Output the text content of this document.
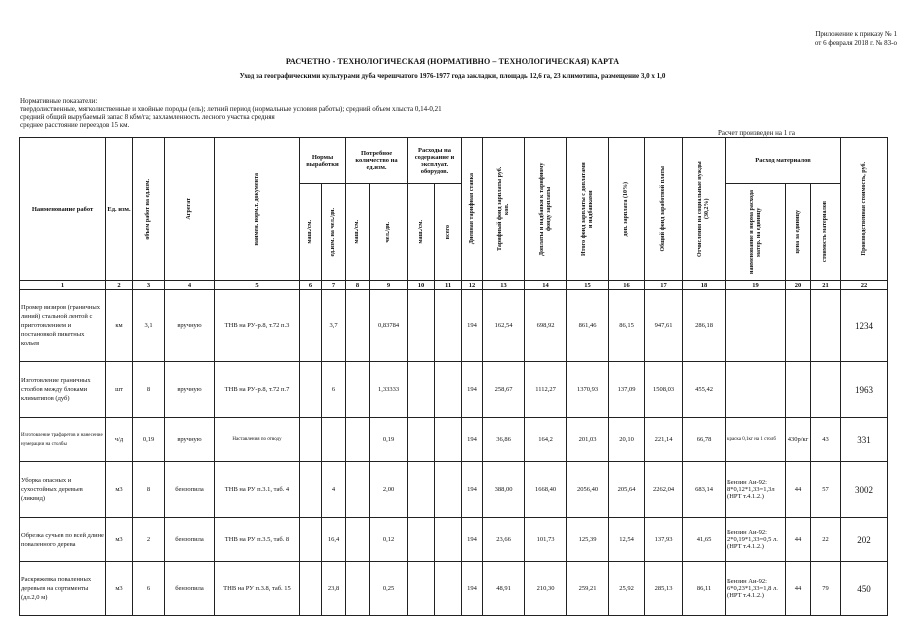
Приложение к приказу № 1
от 6 февраля 2018 г. № 83-о
РАСЧЕТНО - ТЕХНОЛОГИЧЕСКАЯ (НОРМАТИВНО – ТЕХНОЛОГИЧЕСКАЯ) КАРТА
Уход за географическими культурами дуба черешчатого 1976-1977 года закладки, площадь 12,6 га, 23 климотипа, размещение 3,0 х 1,0
Нормативные показатели:
твердолиственные, мягколиственные и хвойные породы (ель); летний период (нормальные условия работы); средний объем хлыста 0,14-0,21
средний общий вырубаемый запас 8 кбм/га; захламленность лесного участка средняя
среднее расстояние переездов 15 км.
Расчет произведен на 1 га
Наименование работ	Ед. изм.	объем работ на ед.изм.	Агрегат	наимен. норм.т. документа	Нормы выработки		Потребное количество на ед.изм.		Расходы на содержание и эксплуат. оборудов.		Дневная тарифная ставка	Тарифный фонд зарплаты руб. коп.	Доплаты и надбавки к тарифному фонду зарплаты	Итого фонд зарплаты с доплатами и надбавками	доп. зарплата (10%)	Общий фонд заработной платы	Отчисления на социальные нужды (30,2%)	Расход материалов			Производственная стоимость, руб.

					маш./см.	ед.изм. на чел./дн.	маш./см.	чел./дн.	маш./см.	всего								наименование и норма расхода матер. на единицу	цена за единицу	стоимость материалов	

1	2	3	4	5	6	7	8	9	10	11	12	13	14	15	16	17	18	19	20	21	22
Промер визиров (граничных линий) стальной лентой с приготовлением и постановкой пикетных кольев	км	3,1	вручную	ТНВ на РУ-р.8, т.72 п.3		3,7		0,83784			194	162,54	698,92	861,46	86,15	947,61	286,18				1234
Изготовление граничных столбов между блоками климатипов (дуб)	шт	8	вручную	ТНВ на РУ-р.8, т.72 п.7		6		1,33333			194	258,67	1112,27	1370,93	137,09	1508,03	455,42				1963
Изготовление трафаретов и нанесение нумерации на столбы	ч/д	0,19	вручную	Наставления по отводу				0,19			194	36,86	164,2	201,03	20,10	221,14	66,78	краска 0,1кг на 1 столб	430р/кг	43	331
Уборка опасных и сухостойных деревьев (ликвид)	м3	8	бензопила	ТНВ на РУ п.3.1, таб. 4		4		2,00			194	388,00	1668,40	2056,40	205,64	2262,04	683,14	Бензин Аи-92: 8*0,12*1,33=1,3л (НРТ т.4.1.2.)	44	57	3002
Обрезка сучьев по всей длине поваленного дерева	м3	2	бензопила	ТНВ на РУ п.3.5, таб. 8		16,4		0,12			194	23,66	101,73	125,39	12,54	137,93	41,65	Бензин Аи-92: 2*0,19*1,33=0,5 л. (НРТ т.4.1.2.)	44	22	202
Раскряжевка поваленных деревьев на сортименты (дл.2,0 м)	м3	6	бензопила	ТНВ на РУ п.3.8, таб. 15		23,8		0,25			194	48,91	210,30	259,21	25,92	285,13	86,11	Бензин Аи-92: 6*0,23*1,33=1,8 л. (НРТ т.4.1.2.)	44	79	450
